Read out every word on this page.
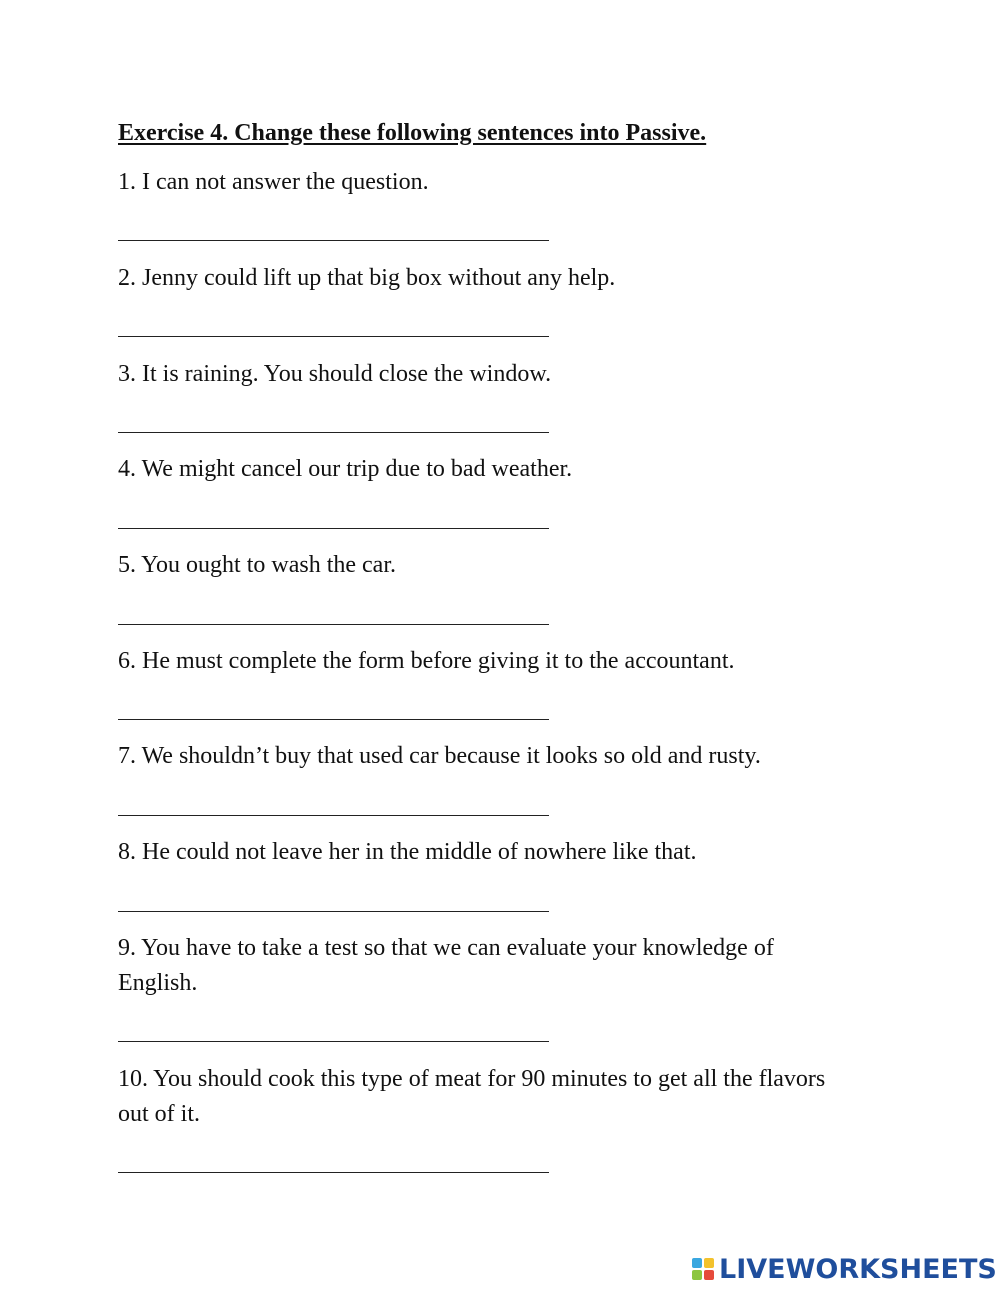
Exercise 4. Change these following sentences into Passive.
1. I can not answer the question.
2. Jenny could lift up that big box without any help.
3. It is raining. You should close the window.
4. We might cancel our trip due to bad weather.
5. You ought to wash the car.
6. He must complete the form before giving it to the accountant.
7. We shouldn’t buy that used car because it looks so old and rusty.
8. He could not leave her in the middle of nowhere like that.
9. You have to take a test so that we can evaluate your knowledge of English.
10. You should cook this type of meat for 90 minutes to get all the flavors out of it.
LIVEWORKSHEETS
